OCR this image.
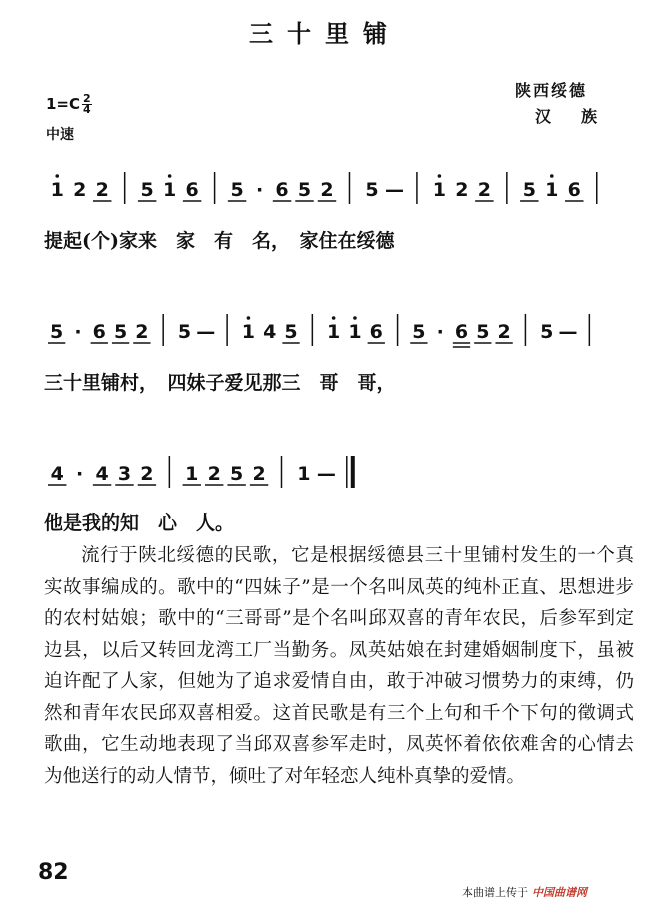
三十里铺
陕西绥德
汉 族
$1=C \frac{2}{4}$
中速
1 2 2 5 1 6 5 · 6 5 2 5 — 1 2 2 5 1 6
5 · 6 5 2 5 — 1 4 5 1 1 6 5 · 6 5 2 5 —
4 · 4 3 2 1 2 5 2 1 —
提起(个)家来　家　有　名，　家住在绥德
三十里铺村，　四妹子爱见那三　哥　哥，
他是我的知　心　人。
流行于陕北绥德的民歌，它是根据绥德县三十里铺村发生的一个真实故事编成的。歌中的“四妹子”是一个名叫凤英的纯朴正直、思想进步的农村姑娘；歌中的“三哥哥”是个名叫邱双喜的青年农民，后参军到定边县，以后又转回龙湾工厂当勤务。凤英姑娘在封建婚姻制度下，虽被迫许配了人家，但她为了追求爱情自由，敢于冲破习惯势力的束缚，仍然和青年农民邱双喜相爱。这首民歌是有三个上句和千个下句的徵调式歌曲，它生动地表现了当邱双喜参军走时，凤英怀着依依难舍的心情去为他送行的动人情节，倾吐了对年轻恋人纯朴真挚的爱情。
82
本曲谱上传于 中国曲谱网
